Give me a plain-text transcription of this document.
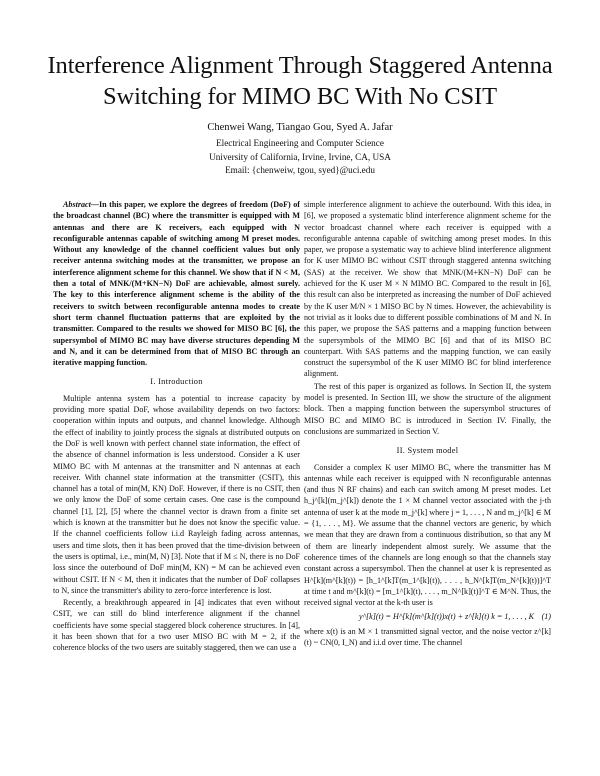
Interference Alignment Through Staggered Antenna
Switching for MIMO BC With No CSIT
Chenwei Wang, Tiangao Gou, Syed A. Jafar
Electrical Engineering and Computer Science
University of California, Irvine, Irvine, CA, USA
Email: {chenweiw, tgou, syed}@uci.edu

Abstract—In this paper, we explore the degrees of freedom (DoF) of the broadcast channel (BC) where the transmitter is equipped with M antennas and there are K receivers, each equipped with N reconfigurable antennas capable of switching among M preset modes. Without any knowledge of the channel coefficient values but only receiver antenna switching modes at the transmitter, we propose an interference alignment scheme for this channel. We show that if N < M, then a total of MNK/(M+KN−N) DoF are achievable, almost surely. The key to this interference alignment scheme is the ability of the receivers to switch between reconfigurable antenna modes to create short term channel fluctuation patterns that are exploited by the transmitter. Compared to the results we showed for MISO BC [6], the supersymbol of MIMO BC may have diverse structures depending M and N, and it can be determined from that of MISO BC through an iterative mapping function.

I. Introduction

Multiple antenna system has a potential to increase capacity by providing more spatial DoF, whose availability depends on two factors: cooperation within inputs and outputs, and channel knowledge. Although the effect of inability to jointly process the signals at distributed outputs on the DoF is well known with perfect channel state information, the effect of the absence of channel information is less understood. Consider a K user MIMO BC with M antennas at the transmitter and N antennas at each receiver. With channel state information at the transmitter (CSIT), this channel has a total of min(M, KN) DoF. However, if there is no CSIT, then we only know the DoF of some certain cases. One case is the compound channel [1], [2], [5] where the channel vector is drawn from a finite set which is known at the transmitter but he does not know the specific value. If the channel coefficients follow i.i.d Rayleigh fading across antennas, users and time slots, then it has been proved that the time-division between the users is optimal, i.e., min(M, N) [3]. Note that if M ≤ N, there is no DoF loss since the outerbound of DoF min(M, KN) = M can be achieved even without CSIT. If N < M, then it indicates that the number of DoF collapses to N, since the transmitter's ability to zero-force interference is lost.

Recently, a breakthrough appeared in [4] indicates that even without CSIT, we can still do blind interference alignment if the channel coefficients have some special staggered block coherence structures. In [4], it has been shown that for a two user MISO BC with M = 2, if the coherence blocks of the two users are suitably staggered, then we can use a

simple interference alignment to achieve the outerbound. With this idea, in [6], we proposed a systematic blind interference alignment scheme for the vector broadcast channel where each receiver is equipped with a reconfigurable antenna capable of switching among preset modes. In this paper, we propose a systematic way to achieve blind interference alignment for K user MIMO BC without CSIT through staggered antenna switching (SAS) at the receiver. We show that MNK/(M+KN−N) DoF can be achieved for the K user M × N MIMO BC. Compared to the result in [6], this result can also be interpreted as increasing the number of DoF achieved by the K user M/N × 1 MISO BC by N times. However, the achievability is not trivial as it looks due to different possible combinations of M and N. In this paper, we propose the SAS patterns and a mapping function between the supersymbols of the MIMO BC [6] and that of its MISO BC counterpart. With SAS patterns and the mapping function, we can easily construct the supersymbol of the K user MIMO BC for blind interference alignment.

The rest of this paper is organized as follows. In Section II, the system model is presented. In Section III, we show the structure of the alignment block. Then a mapping function between the supersymbol structures of MISO BC and MIMO BC is introduced in Section IV. Finally, the conclusions are summarized in Section V.

II. System model

Consider a complex K user MIMO BC, where the transmitter has M antennas while each receiver is equipped with N reconfigurable antennas (and thus N RF chains) and each can switch among M preset modes. Let h_j^[k](m_j^[k]) denote the 1 × M channel vector associated with the j-th antenna of user k at the mode m_j^[k] where j = 1, . . . , N and m_j^[k] ∈ M = {1, . . . , M}. We assume that the channel vectors are generic, by which we mean that they are drawn from a continuous distribution, so that any M of them are linearly independent almost surely. We assume that the coherence times of the channels are long enough so that the channels stay constant across a supersymbol. Then the channel at user k is represented as H^[k](m^[k](t)) = [h_1^[k]T(m_1^[k](t)), . . . , h_N^[k]T(m_N^[k](t))]^T at time t and m^[k](t) = [m_1^[k](t), . . . , m_N^[k](t)]^T ∈ M^N. Thus, the received signal vector at the k-th user is

y^[k](t) = H^[k](m^[k](t))x(t) + z^[k](t) k = 1, . . . , K (1)

where x(t) is an M × 1 transmitted signal vector, and the noise vector z^[k](t) ~ CN(0, I_N) and i.i.d over time. The channel
